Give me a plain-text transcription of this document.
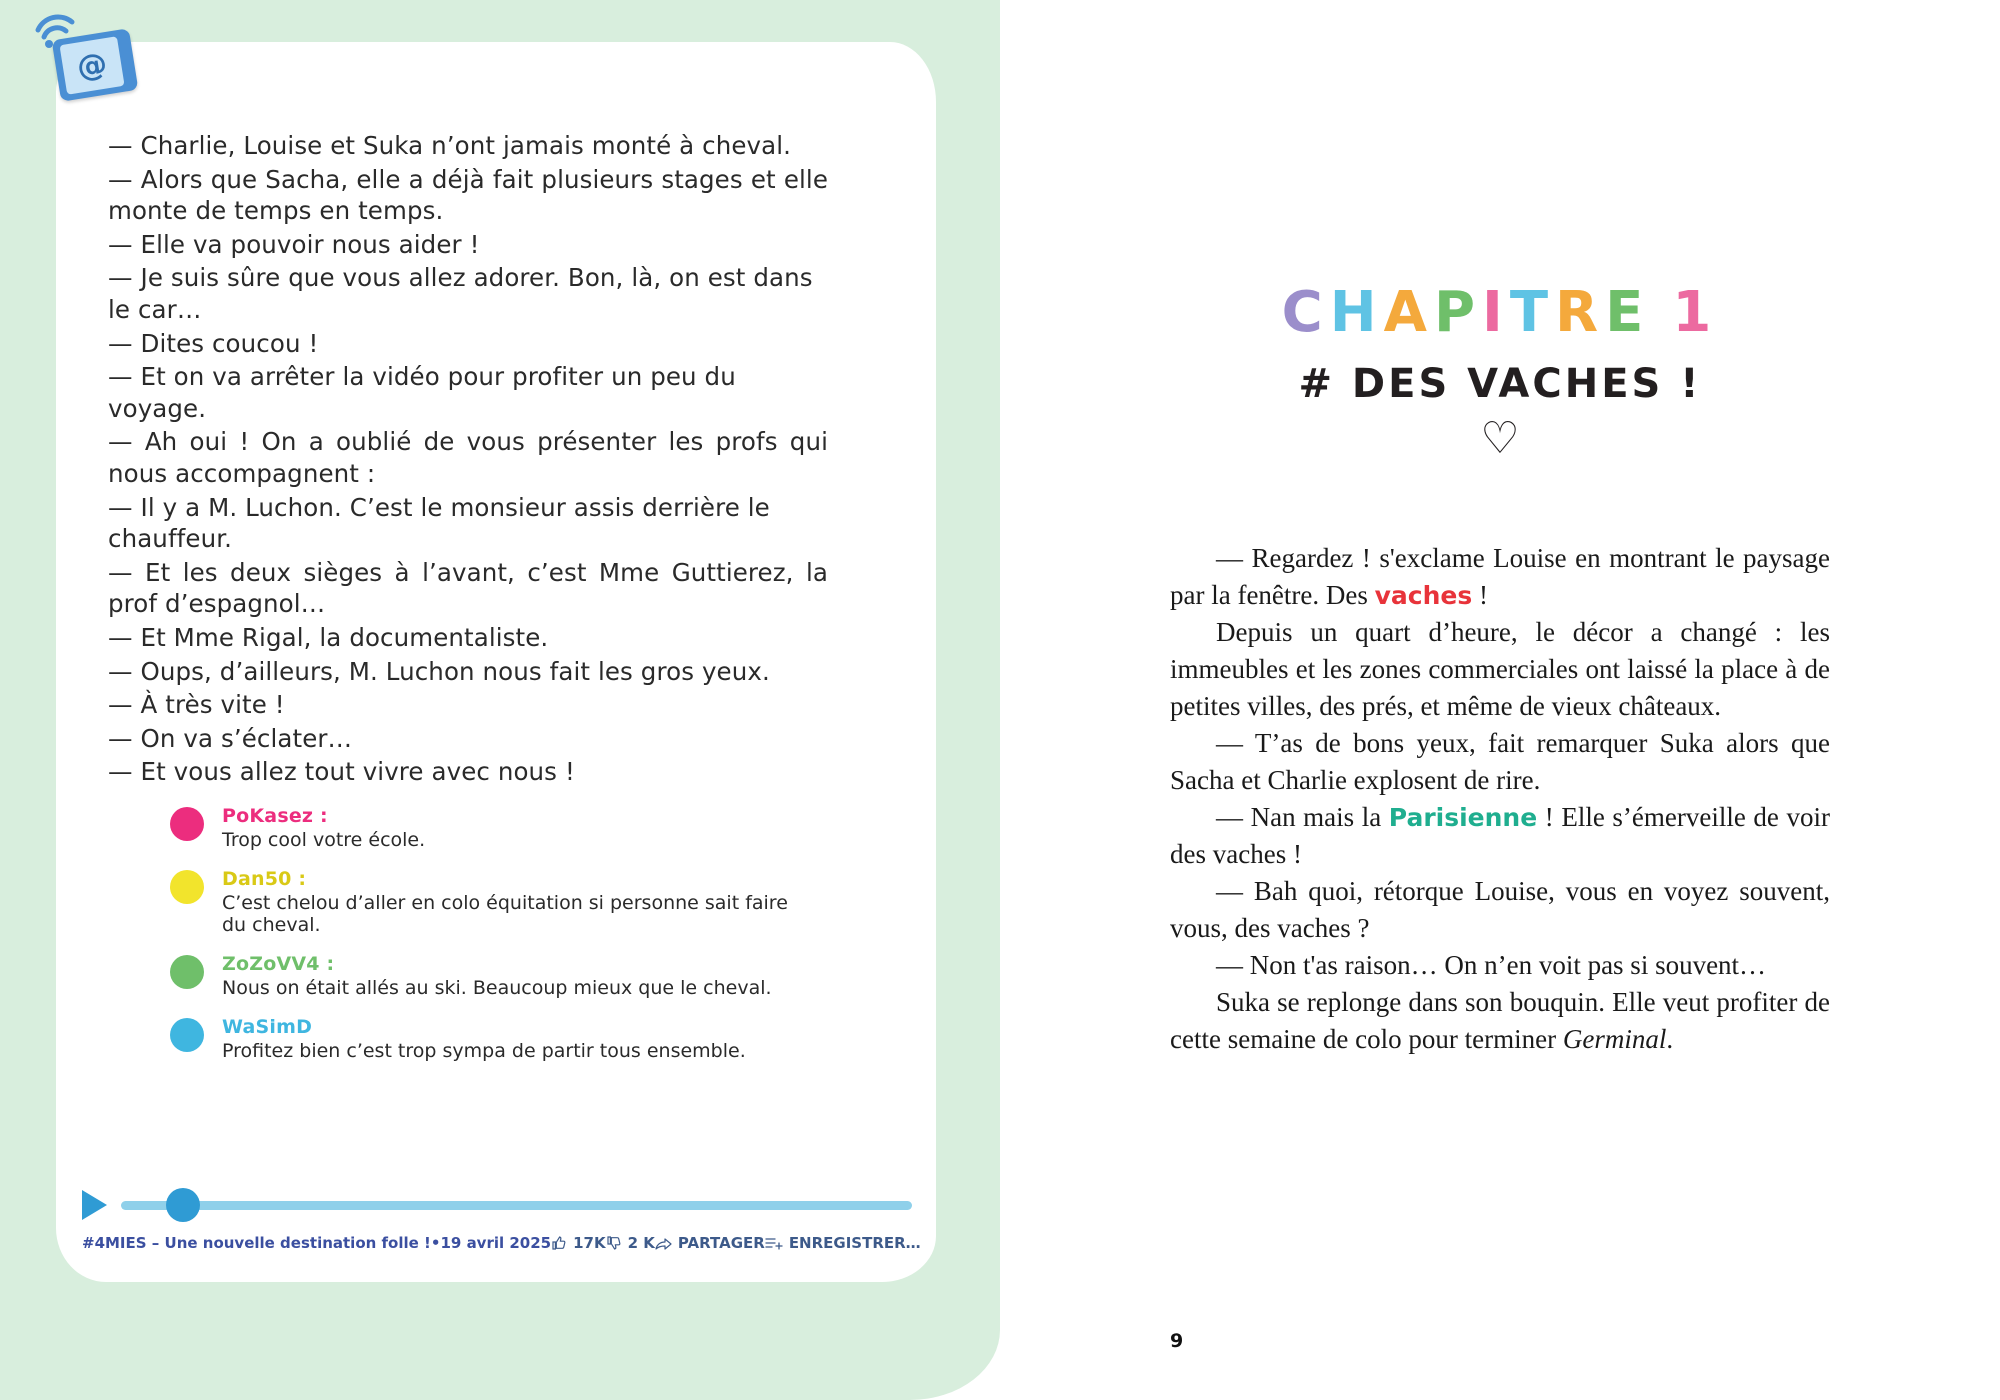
@

— Charlie, Louise et Suka n’ont jamais monté à cheval.

— Alors que Sacha, elle a déjà fait plusieurs stages et elle monte de temps en temps.

— Elle va pouvoir nous aider !

— Je suis sûre que vous allez adorer. Bon, là, on est dans le car…

— Dites coucou !

— Et on va arrêter la vidéo pour profiter un peu du voyage.

— Ah oui ! On a oublié de vous présenter les profs qui nous accompagnent :

— Il y a M. Luchon. C’est le monsieur assis derrière le chauffeur.

— Et les deux sièges à l’avant, c’est Mme Guttierez, la prof d’espagnol…

— Et Mme Rigal, la documentaliste.

— Oups, d’ailleurs, M. Luchon nous fait les gros yeux.

— À très vite !

— On va s’éclater…

— Et vous allez tout vivre avec nous !

PoKasez :

Trop cool votre école.

Dan50 :

C’est chelou d’aller en colo équitation si personne sait faire du cheval.

ZoZoVV4 :

Nous on était allés au ski. Beaucoup mieux que le cheval.

WaSimD

Profitez bien c’est trop sympa de partir tous ensemble.

#4MIES – Une nouvelle destination folle ! • 19 avril 2025 17 K 2 K PARTAGER ENREGISTRER…
CHAPITRE 1

# DES VACHES !

♡

— Regardez ! s'exclame Louise en montrant le paysage par la fenêtre. Des vaches !

Depuis un quart d’heure, le décor a changé : les immeubles et les zones commerciales ont laissé la place à de petites villes, des prés, et même de vieux châteaux.

— T’as de bons yeux, fait remarquer Suka alors que Sacha et Charlie explosent de rire.

— Nan mais la Parisienne ! Elle s’émerveille de voir des vaches !

— Bah quoi, rétorque Louise, vous en voyez souvent, vous, des vaches ?

— Non t'as raison… On n’en voit pas si souvent…

Suka se replonge dans son bouquin. Elle veut profiter de cette semaine de colo pour terminer Germinal.

9
